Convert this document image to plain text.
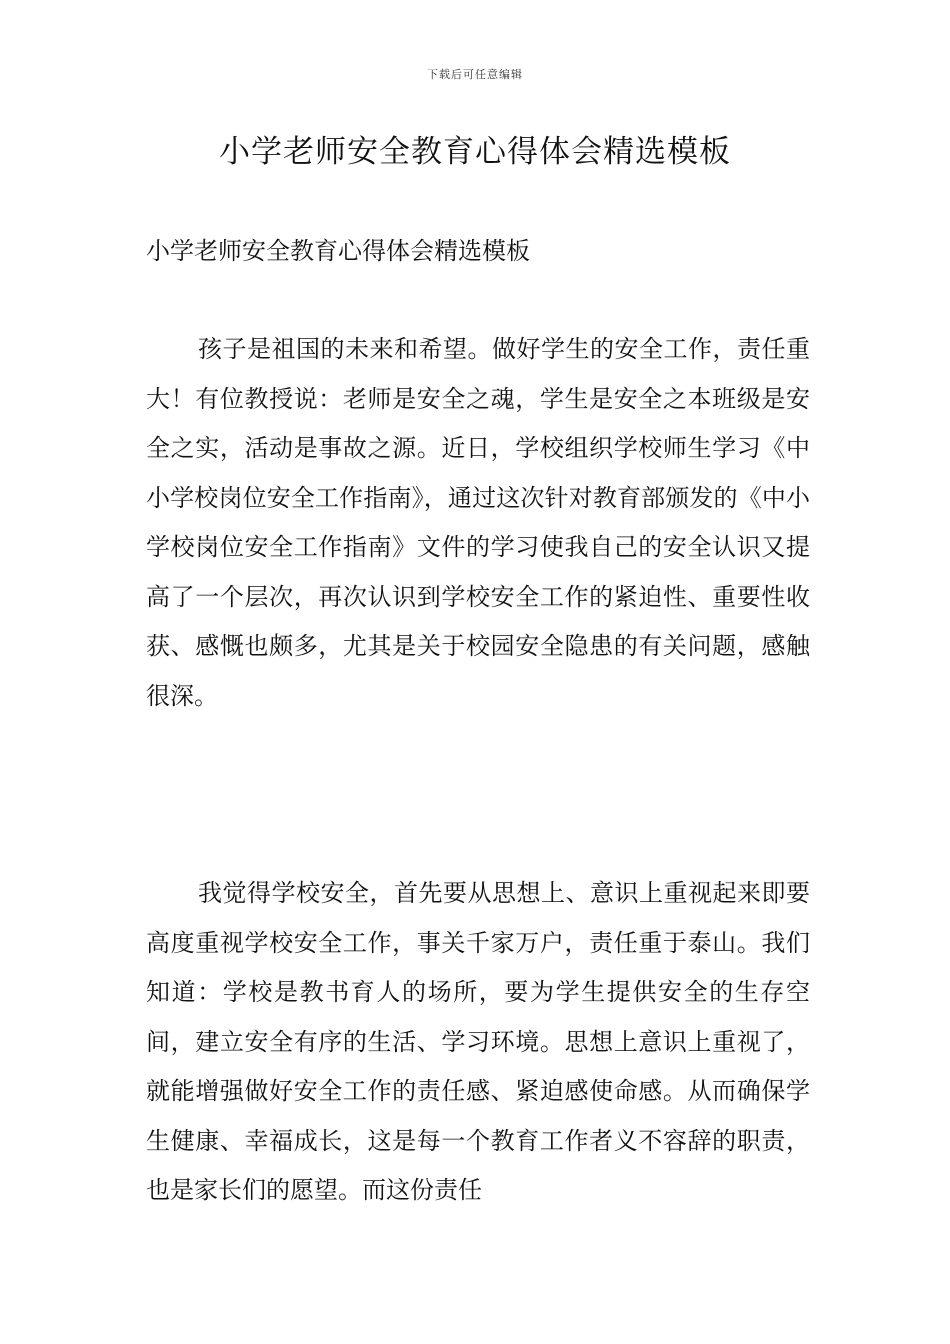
下载后可任意编辑
小学老师安全教育心得体会精选模板
小学老师安全教育心得体会精选模板

孩子是祖国的未来和希望。做好学生的安全工作，责任重大！有位教授说：老师是安全之魂，学生是安全之本班级是安全之实，活动是事故之源。近日，学校组织学校师生学习《中小学校岗位安全工作指南》，通过这次针对教育部颁发的《中小学校岗位安全工作指南》文件的学习使我自己的安全认识又提高了一个层次，再次认识到学校安全工作的紧迫性、重要性收获、感慨也颇多，尤其是关于校园安全隐患的有关问题，感触很深。

我觉得学校安全，首先要从思想上、意识上重视起来即要高度重视学校安全工作，事关千家万户，责任重于泰山。我们知道：学校是教书育人的场所，要为学生提供安全的生存空间，建立安全有序的生活、学习环境。思想上意识上重视了，就能增强做好安全工作的责任感、紧迫感使命感。从而确保学生健康、幸福成长，这是每一个教育工作者义不容辞的职责，也是家长们的愿望。而这份责任
